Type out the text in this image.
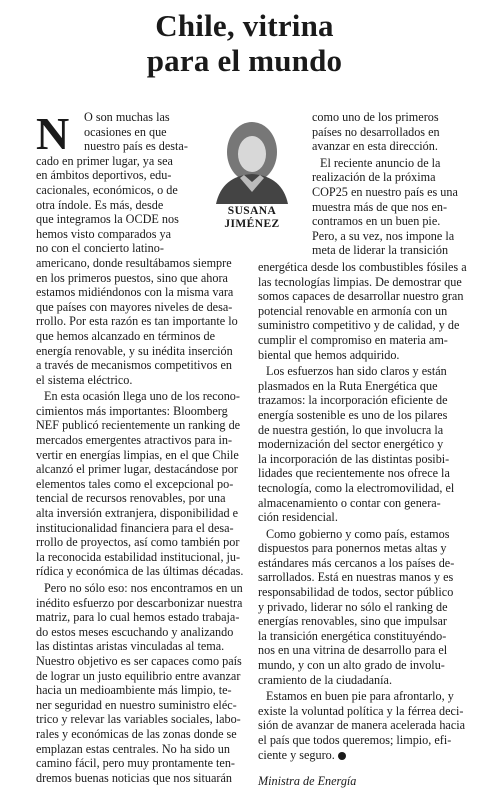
Chile, vitrina
para el mundo
N
SUSANA
JIMÉNEZ
O son muchas las
ocasiones en que
nuestro país es desta-
cado en primer lugar, ya sea
en ámbitos deportivos, edu-
cacionales, económicos, o de
otra índole. Es más, desde
que integramos la OCDE nos
hemos visto comparados ya
no con el concierto latino-
americano, donde resultábamos siempre
en los primeros puestos, sino que ahora
estamos midiéndonos con la misma vara
que países con mayores niveles de desa-
rrollo. Por esta razón es tan importante lo
que hemos alcanzado en términos de
energía renovable, y su inédita inserción
a través de mecanismos competitivos en
el sistema eléctrico.
En esta ocasión llega uno de los recono-
cimientos más importantes: Bloomberg
NEF publicó recientemente un ranking de
mercados emergentes atractivos para in-
vertir en energías limpias, en el que Chile
alcanzó el primer lugar, destacándose por
elementos tales como el excepcional po-
tencial de recursos renovables, por una
alta inversión extranjera, disponibilidad e
institucionalidad financiera para el desa-
rrollo de proyectos, así como también por
la reconocida estabilidad institucional, ju-
rídica y económica de las últimas décadas.
Pero no sólo eso: nos encontramos en un
inédito esfuerzo por descarbonizar nuestra
matriz, para lo cual hemos estado trabaja-
do estos meses escuchando y analizando
las distintas aristas vinculadas al tema.
Nuestro objetivo es ser capaces como país
de lograr un justo equilibrio entre avanzar
hacia un medioambiente más limpio, te-
ner seguridad en nuestro suministro eléc-
trico y relevar las variables sociales, labo-
rales y económicas de las zonas donde se
emplazan estas centrales. No ha sido un
camino fácil, pero muy prontamente ten-
dremos buenas noticias que nos situarán
como uno de los primeros
países no desarrollados en
avanzar en esta dirección.
El reciente anuncio de la
realización de la próxima
COP25 en nuestro país es una
muestra más de que nos en-
contramos en un buen pie.
Pero, a su vez, nos impone la
meta de liderar la transición
energética desde los combustibles fósiles a
las tecnologías limpias. De demostrar que
somos capaces de desarrollar nuestro gran
potencial renovable en armonía con un
suministro competitivo y de calidad, y de
cumplir el compromiso en materia am-
biental que hemos adquirido.
Los esfuerzos han sido claros y están
plasmados en la Ruta Energética que
trazamos: la incorporación eficiente de
energía sostenible es uno de los pilares
de nuestra gestión, lo que involucra la
modernización del sector energético y
la incorporación de las distintas posibi-
lidades que recientemente nos ofrece la
tecnología, como la electromovilidad, el
almacenamiento o contar con genera-
ción residencial.
Como gobierno y como país, estamos
dispuestos para ponernos metas altas y
estándares más cercanos a los países de-
sarrollados. Está en nuestras manos y es
responsabilidad de todos, sector público
y privado, liderar no sólo el ranking de
energías renovables, sino que impulsar
la transición energética constituyéndo-
nos en una vitrina de desarrollo para el
mundo, y con un alto grado de involu-
cramiento de la ciudadanía.
Estamos en buen pie para afrontarlo, y
existe la voluntad política y la férrea deci-
sión de avanzar de manera acelerada hacia
el país que todos queremos; limpio, efi-
ciente y seguro.
Ministra de Energía
